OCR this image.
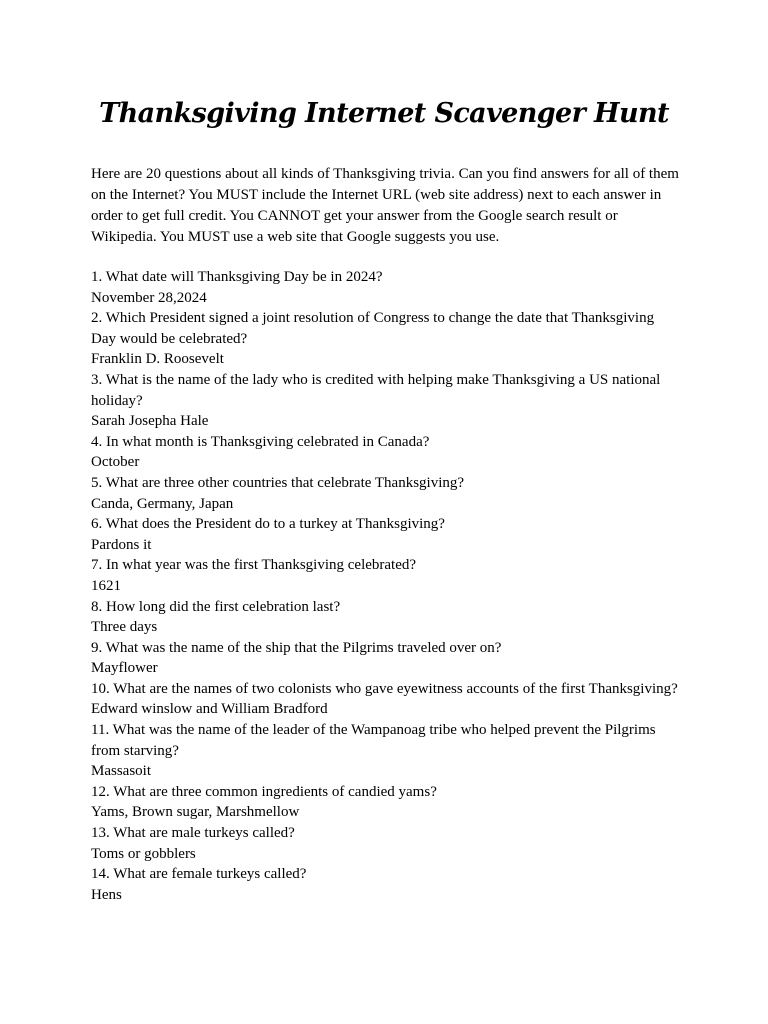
Thanksgiving Internet Scavenger Hunt

Here are 20 questions about all kinds of Thanksgiving trivia. Can you find answers for all of them on the Internet? You MUST include the Internet URL (web site address) next to each answer in order to get full credit. You CANNOT get your answer from the Google search result or Wikipedia. You MUST use a web site that Google suggests you use.

1. What date will Thanksgiving Day be in 2024?

November 28,2024

2. Which President signed a joint resolution of Congress to change the date that Thanksgiving Day would be celebrated?

Franklin D. Roosevelt

3. What is the name of the lady who is credited with helping make Thanksgiving a US national holiday?

Sarah Josepha Hale

4. In what month is Thanksgiving celebrated in Canada?

October

5. What are three other countries that celebrate Thanksgiving?

Canda, Germany, Japan

6. What does the President do to a turkey at Thanksgiving?

Pardons it

7. In what year was the first Thanksgiving celebrated?

1621

8. How long did the first celebration last?

Three days

9. What was the name of the ship that the Pilgrims traveled over on?

Mayflower

10. What are the names of two colonists who gave eyewitness accounts of the first Thanksgiving?

Edward winslow and William Bradford

11. What was the name of the leader of the Wampanoag tribe who helped prevent the Pilgrims from starving?

Massasoit

12. What are three common ingredients of candied yams?

Yams, Brown sugar, Marshmellow

13. What are male turkeys called?

Toms or gobblers

14. What are female turkeys called?

Hens
